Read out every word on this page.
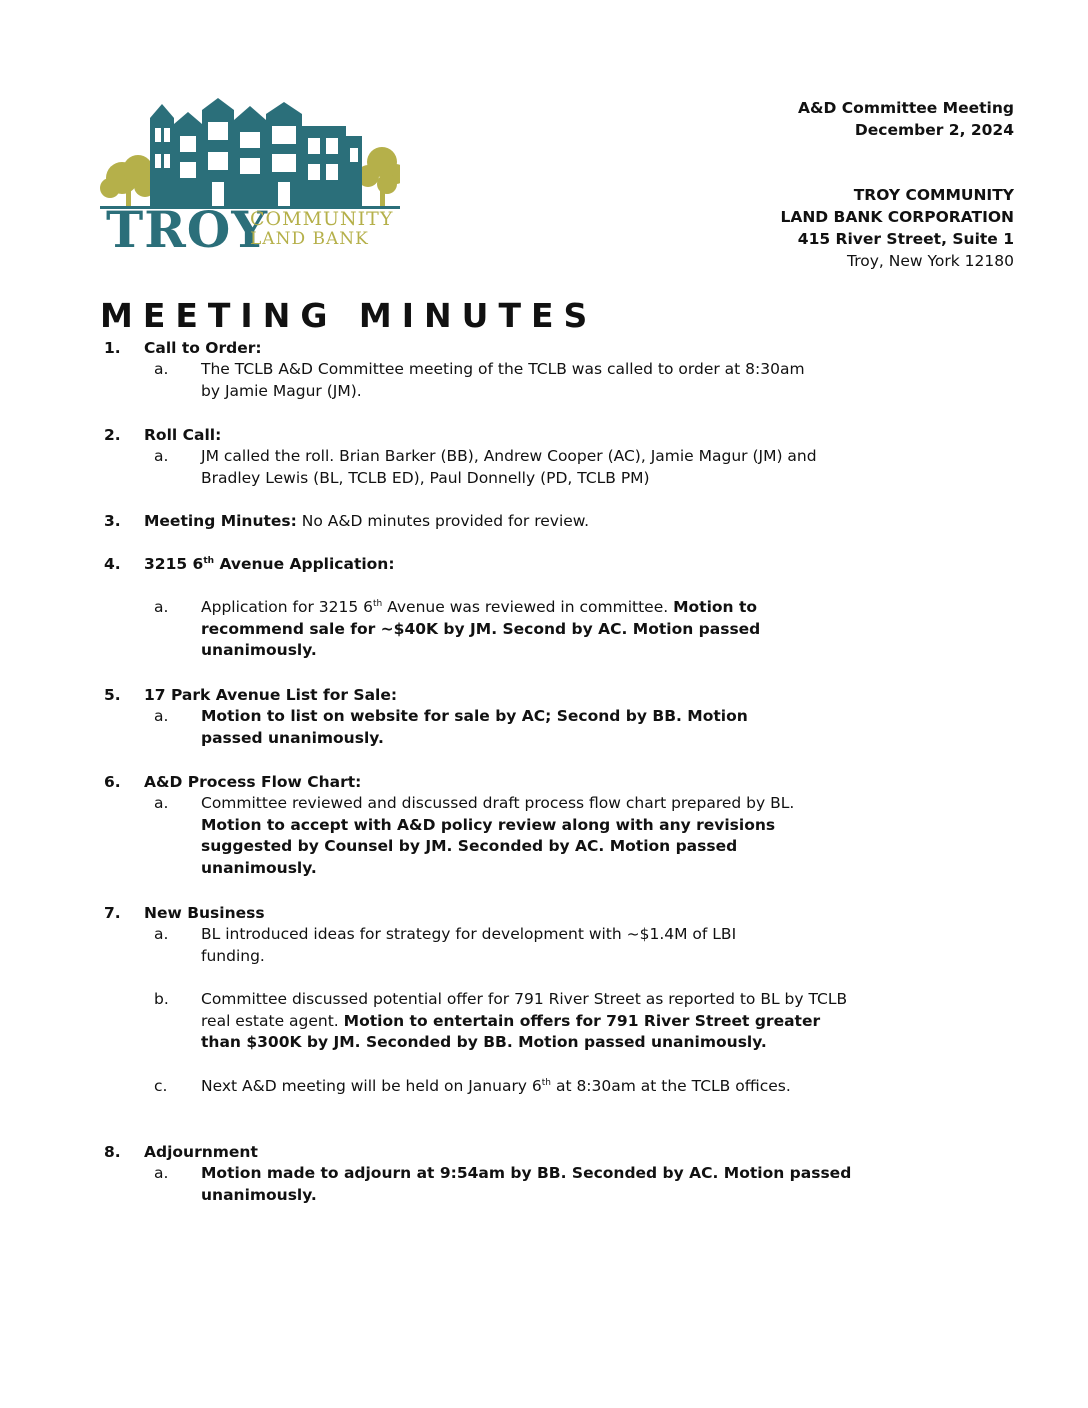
TROY
COMMUNITY
LAND BANK
A&D Committee Meeting
December 2, 2024
TROY COMMUNITY
LAND BANK CORPORATION
415 River Street, Suite 1
Troy, New York 12180
MEETING MINUTES
1. Call to Order:
a. The TCLB A&D Committee meeting of the TCLB was called to order at 8:30am by Jamie Magur (JM).
2. Roll Call:
a. JM called the roll. Brian Barker (BB), Andrew Cooper (AC), Jamie Magur (JM) and Bradley Lewis (BL, TCLB ED), Paul Donnelly (PD, TCLB PM)
3. Meeting Minutes: No A&D minutes provided for review.
4. 3215 6th Avenue Application:
a. Application for 3215 6th Avenue was reviewed in committee. Motion to recommend sale for ~$40K by JM. Second by AC. Motion passed unanimously.
5. 17 Park Avenue List for Sale:
a. Motion to list on website for sale by AC; Second by BB. Motion passed unanimously.
6. A&D Process Flow Chart:
a. Committee reviewed and discussed draft process flow chart prepared by BL. Motion to accept with A&D policy review along with any revisions suggested by Counsel by JM. Seconded by AC. Motion passed unanimously.
7. New Business
a. BL introduced ideas for strategy for development with ~$1.4M of LBI funding.
b. Committee discussed potential offer for 791 River Street as reported to BL by TCLB real estate agent. Motion to entertain offers for 791 River Street greater than $300K by JM. Seconded by BB. Motion passed unanimously.
c. Next A&D meeting will be held on January 6th at 8:30am at the TCLB offices.
8. Adjournment
a. Motion made to adjourn at 9:54am by BB. Seconded by AC. Motion passed unanimously.
